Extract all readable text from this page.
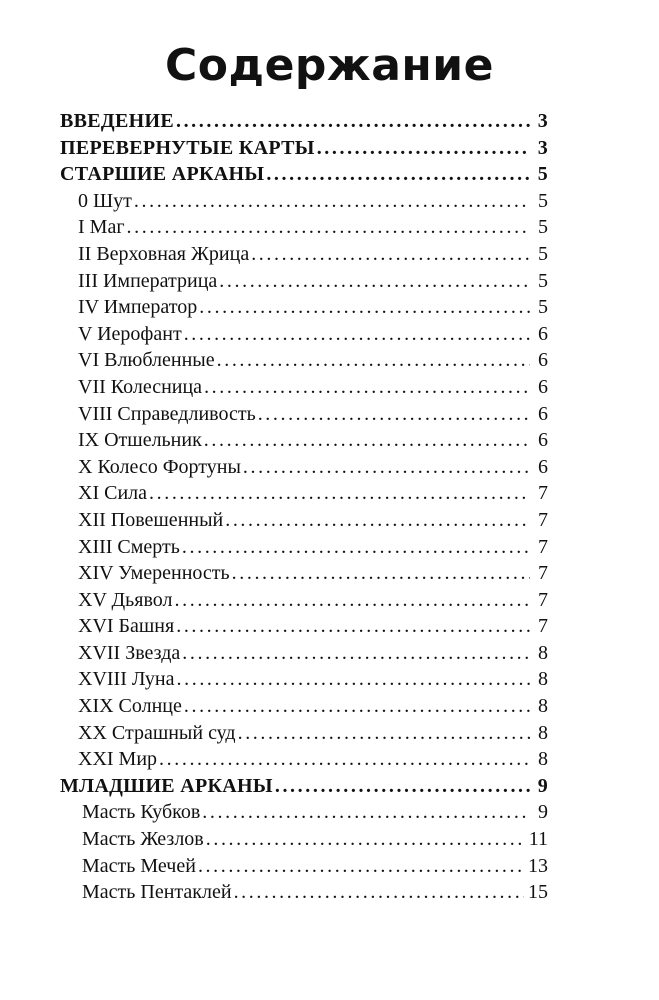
Содержание
ВВЕДЕНИЕ .....	3
ПЕРЕВЕРНУТЫЕ КАРТЫ .....	3
СТАРШИЕ АРКАНЫ .....	5
0 Шут .....	5
I Маг .....	5
II Верховная Жрица .....	5
III Императрица .....	5
IV Император .....	5
V Иерофант .....	6
VI Влюбленные .....	6
VII Колесница .....	6
VIII Справедливость .....	6
IX Отшельник .....	6
X Колесо Фортуны .....	6
XI Сила .....	7
XII Повешенный .....	7
XIII Смерть .....	7
XIV Умеренность .....	7
XV Дьявол .....	7
XVI Башня .....	7
XVII Звезда .....	8
XVIII Луна .....	8
XIX Солнце .....	8
XX Страшный суд .....	8
XXI Мир .....	8
МЛАДШИЕ АРКАНЫ .....	9
Масть Кубков .....	9
Масть Жезлов .....	11
Масть Мечей .....	13
Масть Пентаклей .....	15
